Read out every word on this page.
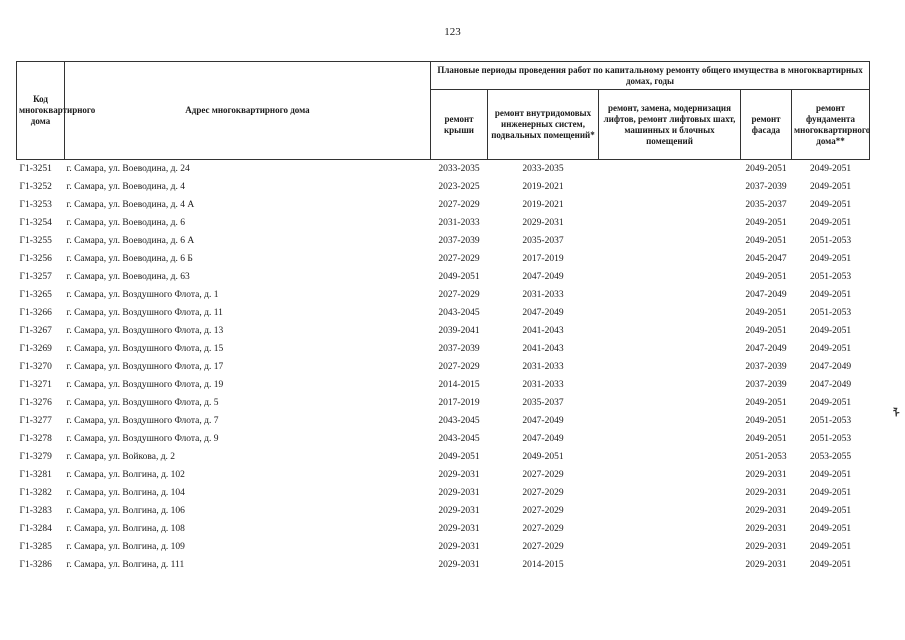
123
Код многоквартирного дома	Адрес многоквартирного дома	Плановые периоды проведения работ по капитальному ремонту общего имущества в многоквартирных домах, годы				
		ремонт крыши	ремонт внутридомовых инженерных систем, подвальных помещений*	ремонт, замена, модернизация лифтов, ремонт лифтовых шахт, машинных и блочных помещений	ремонт фасада	ремонт фундамента многоквартирного дома**
Г1-3251	г. Самара, ул. Воеводина, д. 24	2033-2035	2033-2035		2049-2051	2049-2051
Г1-3252	г. Самара, ул. Воеводина, д. 4	2023-2025	2019-2021		2037-2039	2049-2051
Г1-3253	г. Самара, ул. Воеводина, д. 4 А	2027-2029	2019-2021		2035-2037	2049-2051
Г1-3254	г. Самара, ул. Воеводина, д. 6	2031-2033	2029-2031		2049-2051	2049-2051
Г1-3255	г. Самара, ул. Воеводина, д. 6 А	2037-2039	2035-2037		2049-2051	2051-2053
Г1-3256	г. Самара, ул. Воеводина, д. 6 Б	2027-2029	2017-2019		2045-2047	2049-2051
Г1-3257	г. Самара, ул. Воеводина, д. 63	2049-2051	2047-2049		2049-2051	2051-2053
Г1-3265	г. Самара, ул. Воздушного Флота, д. 1	2027-2029	2031-2033		2047-2049	2049-2051
Г1-3266	г. Самара, ул. Воздушного Флота, д. 11	2043-2045	2047-2049		2049-2051	2051-2053
Г1-3267	г. Самара, ул. Воздушного Флота, д. 13	2039-2041	2041-2043		2049-2051	2049-2051
Г1-3269	г. Самара, ул. Воздушного Флота, д. 15	2037-2039	2041-2043		2047-2049	2049-2051
Г1-3270	г. Самара, ул. Воздушного Флота, д. 17	2027-2029	2031-2033		2037-2039	2047-2049
Г1-3271	г. Самара, ул. Воздушного Флота, д. 19	2014-2015	2031-2033		2037-2039	2047-2049
Г1-3276	г. Самара, ул. Воздушного Флота, д. 5	2017-2019	2035-2037		2049-2051	2049-2051
Г1-3277	г. Самара, ул. Воздушного Флота, д. 7	2043-2045	2047-2049		2049-2051	2051-2053
Г1-3278	г. Самара, ул. Воздушного Флота, д. 9	2043-2045	2047-2049		2049-2051	2051-2053
Г1-3279	г. Самара, ул. Войкова, д. 2	2049-2051	2049-2051		2051-2053	2053-2055
Г1-3281	г. Самара, ул. Волгина, д. 102	2029-2031	2027-2029		2029-2031	2049-2051
Г1-3282	г. Самара, ул. Волгина, д. 104	2029-2031	2027-2029		2029-2031	2049-2051
Г1-3283	г. Самара, ул. Волгина, д. 106	2029-2031	2027-2029		2029-2031	2049-2051
Г1-3284	г. Самара, ул. Волгина, д. 108	2029-2031	2027-2029		2029-2031	2049-2051
Г1-3285	г. Самара, ул. Волгина, д. 109	2029-2031	2027-2029		2029-2031	2049-2051
Г1-3286	г. Самара, ул. Волгина, д. 111	2029-2031	2014-2015		2029-2031	2049-2051
ᠯ
